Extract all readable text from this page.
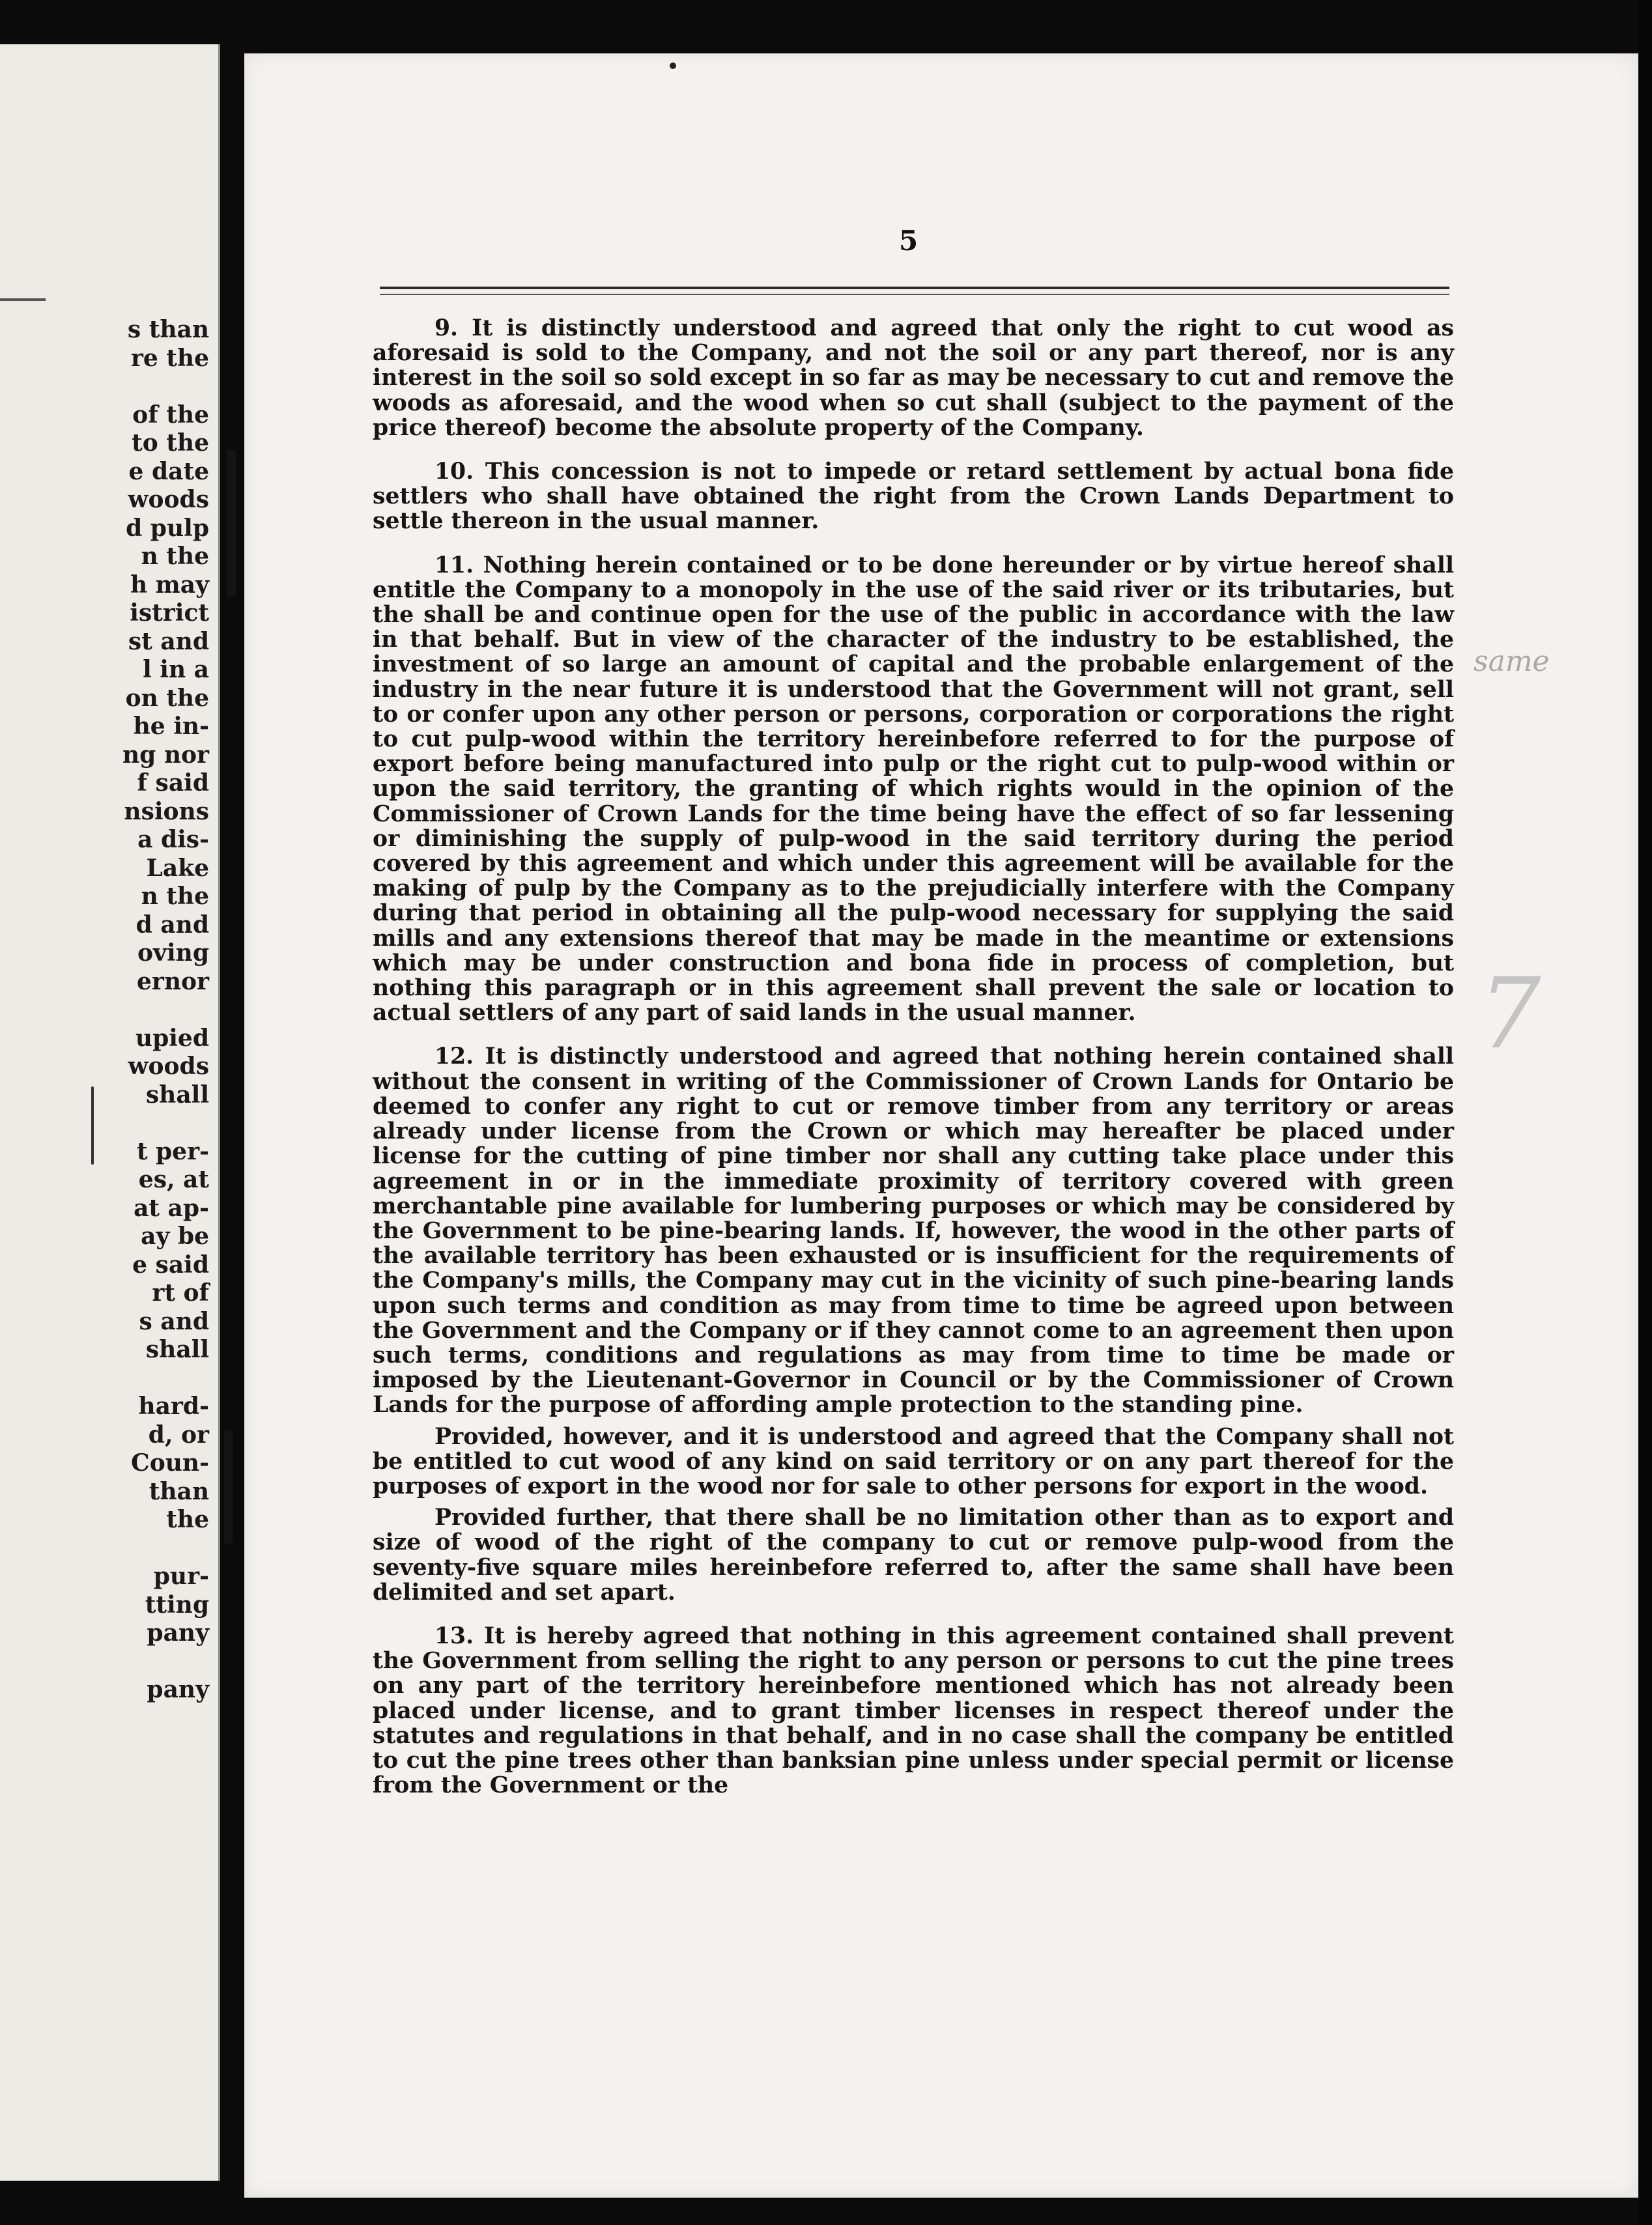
s than
re the
of the
to the
e date
woods
d pulp
n the
h may
istrict
st and
l in a
on the
he in-
ng nor
f said
nsions
a dis-
Lake
n the
d and
oving
ernor
upied
woods
shall
t per-
es, at
at ap-
ay be
e said
rt of
s and
shall
hard-
d, or
Coun-
than
the
pur-
tting
pany
pany
5

9. It is distinctly understood and agreed that only the right to cut wood as aforesaid is sold to the Company, and not the soil or any part thereof, nor is any interest in the soil so sold except in so far as may be necessary to cut and remove the woods as aforesaid, and the wood when so cut shall (subject to the payment of the price thereof) become the absolute property of the Company.

10. This concession is not to impede or retard settlement by actual bona fide settlers who shall have obtained the right from the Crown Lands Department to settle thereon in the usual manner.

11. Nothing herein contained or to be done hereunder or by virtue hereof shall entitle the Company to a monopoly in the use of the said river or its tributaries, but the shall be and continue open for the use of the public in accordance with the law in that behalf. But in view of the character of the industry to be established, the investment of so large an amount of capital and the probable enlargement of the industry in the near future it is understood that the Government will not grant, sell to or confer upon any other person or persons, corporation or corporations the right to cut pulp-wood within the territory hereinbefore referred to for the purpose of export before being manufactured into pulp or the right cut to pulp-wood within or upon the said territory, the granting of which rights would in the opinion of the Commissioner of Crown Lands for the time being have the effect of so far lessening or diminishing the supply of pulp-wood in the said territory during the period covered by this agreement and which under this agreement will be available for the making of pulp by the Company as to the prejudicially interfere with the Company during that period in obtaining all the pulp-wood necessary for supplying the said mills and any extensions thereof that may be made in the meantime or extensions which may be under construction and bona fide in process of completion, but nothing this paragraph or in this agreement shall prevent the sale or location to actual settlers of any part of said lands in the usual manner.

12. It is distinctly understood and agreed that nothing herein contained shall without the consent in writing of the Commissioner of Crown Lands for Ontario be deemed to confer any right to cut or remove timber from any territory or areas already under license from the Crown or which may hereafter be placed under license for the cutting of pine timber nor shall any cutting take place under this agreement in or in the immediate proximity of territory covered with green merchantable pine available for lumbering purposes or which may be considered by the Government to be pine-bearing lands. If, however, the wood in the other parts of the available territory has been exhausted or is insufficient for the requirements of the Company's mills, the Company may cut in the vicinity of such pine-bearing lands upon such terms and condition as may from time to time be agreed upon between the Government and the Company or if they cannot come to an agreement then upon such terms, conditions and regulations as may from time to time be made or imposed by the Lieutenant-Governor in Council or by the Commissioner of Crown Lands for the purpose of affording ample protection to the standing pine.

Provided, however, and it is understood and agreed that the Company shall not be entitled to cut wood of any kind on said territory or on any part thereof for the purposes of export in the wood nor for sale to other persons for export in the wood.

Provided further, that there shall be no limitation other than as to export and size of wood of the right of the company to cut or remove pulp-wood from the seventy-five square miles hereinbefore referred to, after the same shall have been delimited and set apart.

13. It is hereby agreed that nothing in this agreement contained shall prevent the Government from selling the right to any person or persons to cut the pine trees on any part of the territory hereinbefore mentioned which has not already been placed under license, and to grant timber licenses in respect thereof under the statutes and regulations in that behalf, and in no case shall the company be entitled to cut the pine trees other than banksian pine unless under special permit or license from the Government or the

same
7
